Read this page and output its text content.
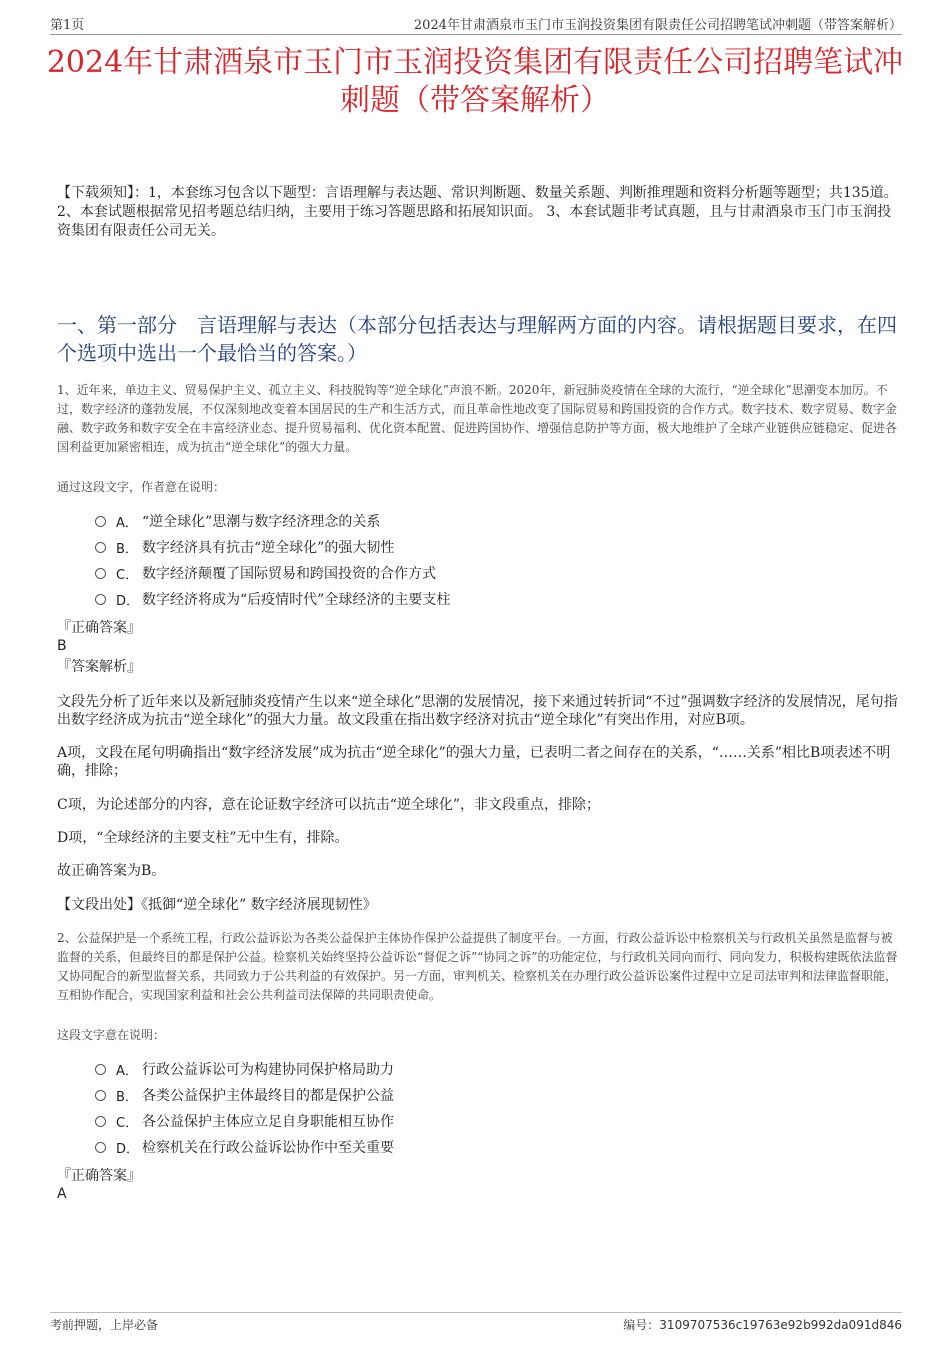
第1页	2024年甘肃酒泉市玉门市玉润投资集团有限责任公司招聘笔试冲刺题（带答案解析）
2024年甘肃酒泉市玉门市玉润投资集团有限责任公司招聘笔试冲刺题（带答案解析）
【下载须知】：1，本套练习包含以下题型：言语理解与表达题、常识判断题、数量关系题、判断推理题和资料分析题等题型；共135道。 2、本套试题根据常见招考题总结归纳，主要用于练习答题思路和拓展知识面。 3、本套试题非考试真题，且与甘肃酒泉市玉门市玉润投资集团有限责任公司无关。
一、第一部分　言语理解与表达（本部分包括表达与理解两方面的内容。请根据题目要求，在四个选项中选出一个最恰当的答案。）
1、近年来，单边主义、贸易保护主义、孤立主义、科技脱钩等“逆全球化”声浪不断。2020年，新冠肺炎疫情在全球的大流行，“逆全球化”思潮变本加厉。不过，数字经济的蓬勃发展，不仅深刻地改变着本国居民的生产和生活方式，而且革命性地改变了国际贸易和跨国投资的合作方式。数字技术、数字贸易、数字金融、数字政务和数字安全在丰富经济业态、提升贸易福利、优化资本配置、促进跨国协作、增强信息防护等方面，极大地维护了全球产业链供应链稳定、促进各国利益更加紧密相连，成为抗击“逆全球化”的强大力量。
通过这段文字，作者意在说明：
A． “逆全球化”思潮与数字经济理念的关系
B． 数字经济具有抗击“逆全球化”的强大韧性
C． 数字经济颠覆了国际贸易和跨国投资的合作方式
D． 数字经济将成为“后疫情时代”全球经济的主要支柱
『正确答案』
B
『答案解析』
文段先分析了近年来以及新冠肺炎疫情产生以来“逆全球化”思潮的发展情况，接下来通过转折词“不过”强调数字经济的发展情况，尾句指出数字经济成为抗击“逆全球化”的强大力量。故文段重在指出数字经济对抗击“逆全球化”有突出作用，对应B项。
A项，文段在尾句明确指出“数字经济发展”成为抗击“逆全球化”的强大力量，已表明二者之间存在的关系，“……关系”相比B项表述不明确，排除；
C项，为论述部分的内容，意在论证数字经济可以抗击“逆全球化”，非文段重点，排除；
D项，“全球经济的主要支柱”无中生有，排除。
故正确答案为B。
【文段出处】《抵御“逆全球化” 数字经济展现韧性》
2、公益保护是一个系统工程，行政公益诉讼为各类公益保护主体协作保护公益提供了制度平台。一方面，行政公益诉讼中检察机关与行政机关虽然是监督与被监督的关系，但最终目的都是保护公益。检察机关始终坚持公益诉讼“督促之诉”“协同之诉”的功能定位，与行政机关同向而行、同向发力，积极构建既依法监督又协同配合的新型监督关系，共同致力于公共利益的有效保护。另一方面，审判机关、检察机关在办理行政公益诉讼案件过程中立足司法审判和法律监督职能，互相协作配合，实现国家利益和社会公共利益司法保障的共同职责使命。
这段文字意在说明：
A． 行政公益诉讼可为构建协同保护格局助力
B． 各类公益保护主体最终目的都是保护公益
C． 各公益保护主体应立足自身职能相互协作
D． 检察机关在行政公益诉讼协作中至关重要
『正确答案』
A
考前押题，上岸必备	编号：3109707536c19763e92b992da091d846
